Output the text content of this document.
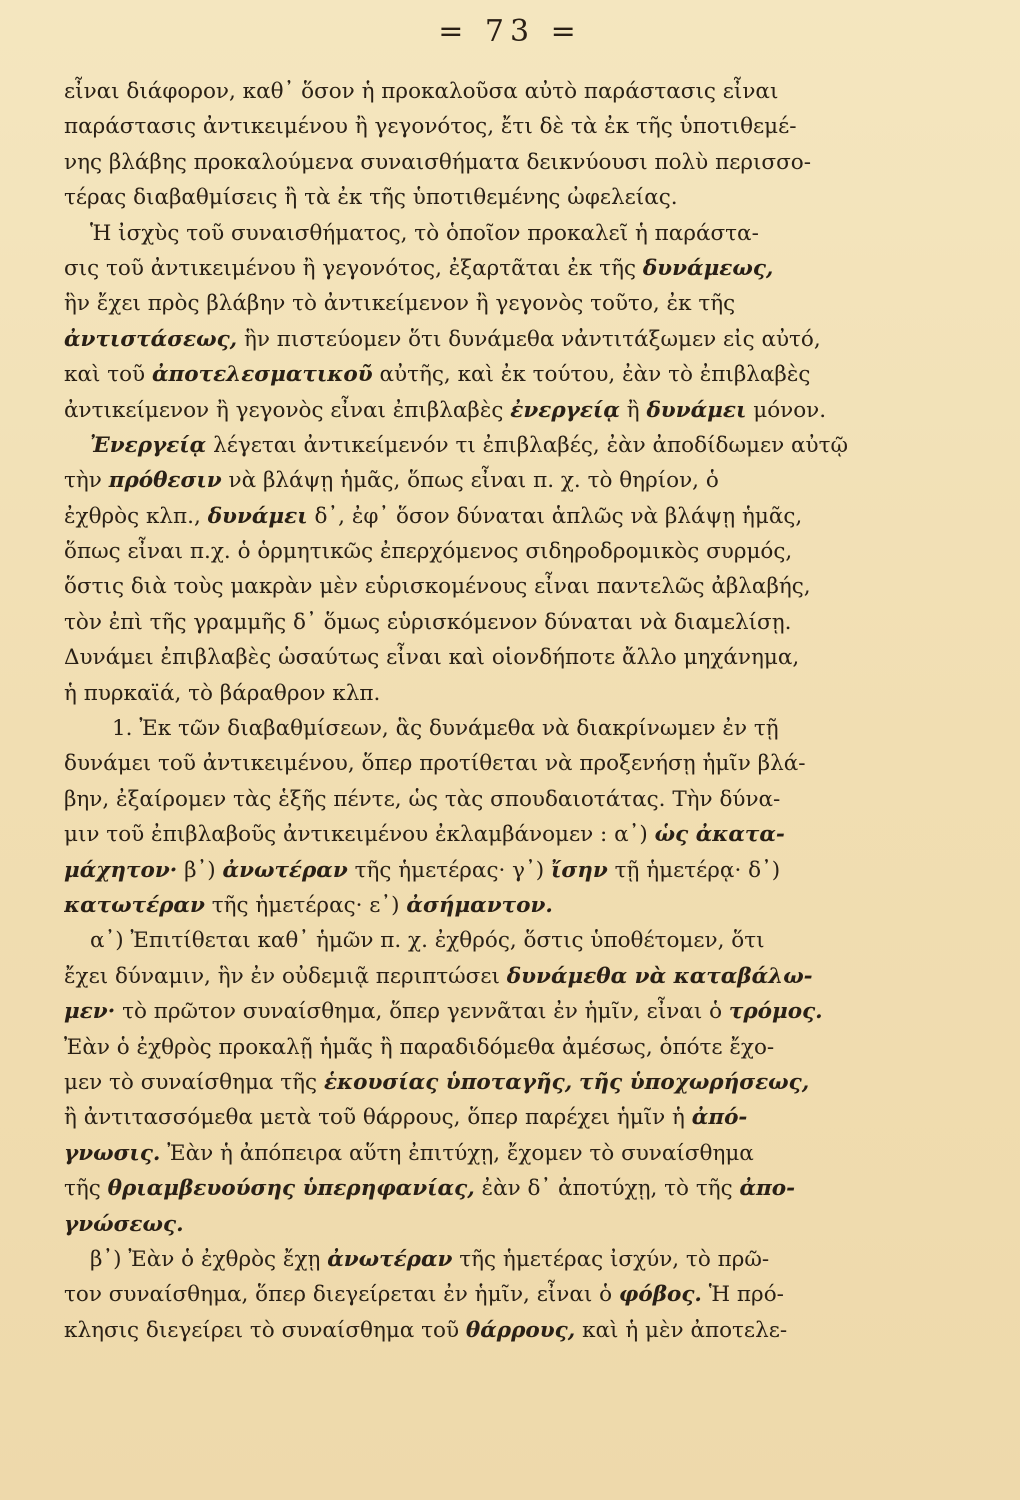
= 73 =
εἶναι διάφορον, καθ᾽ ὅσον ἡ προκαλοῦσα αὐτὸ παράστασις εἶναι
παράστασις ἀντικειμένου ἢ γεγονότος, ἔτι δὲ τὰ ἐκ τῆς ὑποτιθεμέ-
νης βλάβης προκαλούμενα συναισθήματα δεικνύουσι πολὺ περισσο-
τέρας διαβαθμίσεις ἢ τὰ ἐκ τῆς ὑποτιθεμένης ὠφελείας.
Ἡ ἰσχὺς τοῦ συναισθήματος, τὸ ὁποῖον προκαλεῖ ἡ παράστα-
σις τοῦ ἀντικειμένου ἢ γεγονότος, ἐξαρτᾶται ἐκ τῆς δυνάμεως,
ἣν ἔχει πρὸς βλάβην τὸ ἀντικείμενον ἢ γεγονὸς τοῦτο, ἐκ τῆς
ἀντιστάσεως, ἣν πιστεύομεν ὅτι δυνάμεθα νἀντιτάξωμεν εἰς αὐτό,
καὶ τοῦ ἀποτελεσματικοῦ αὐτῆς, καὶ ἐκ τούτου, ἐὰν τὸ ἐπιβλαβὲς
ἀντικείμενον ἢ γεγονὸς εἶναι ἐπιβλαβὲς ἐνεργείᾳ ἢ δυνάμει μόνον.
Ἐνεργείᾳ λέγεται ἀντικείμενόν τι ἐπιβλαβές, ἐὰν ἀποδίδωμεν αὐτῷ
τὴν πρόθεσιν νὰ βλάψῃ ἡμᾶς, ὅπως εἶναι π. χ. τὸ θηρίον, ὁ
ἐχθρὸς κλπ., δυνάμει δ᾽, ἐφ᾽ ὅσον δύναται ἁπλῶς νὰ βλάψῃ ἡμᾶς,
ὅπως εἶναι π.χ. ὁ ὁρμητικῶς ἐπερχόμενος σιδηροδρομικὸς συρμός,
ὅστις διὰ τοὺς μακρὰν μὲν εὑρισκομένους εἶναι παντελῶς ἀβλαβής,
τὸν ἐπὶ τῆς γραμμῆς δ᾽ ὅμως εὑρισκόμενον δύναται νὰ διαμελίσῃ.
Δυνάμει ἐπιβλαβὲς ὡσαύτως εἶναι καὶ οἱονδήποτε ἄλλο μηχάνημα,
ἡ πυρκαϊά, τὸ βάραθρον κλπ.
1. Ἐκ τῶν διαβαθμίσεων, ἃς δυνάμεθα νὰ διακρίνωμεν ἐν τῇ
δυνάμει τοῦ ἀντικειμένου, ὅπερ προτίθεται νὰ προξενήσῃ ἡμῖν βλά-
βην, ἐξαίρομεν τὰς ἑξῆς πέντε, ὡς τὰς σπουδαιοτάτας. Τὴν δύνα-
μιν τοῦ ἐπιβλαβοῦς ἀντικειμένου ἐκλαμβάνομεν : α᾽) ὡς ἀκατα-
μάχητον· β᾽) ἀνωτέραν τῆς ἡμετέρας· γ᾽) ἴσην τῇ ἡμετέρᾳ· δ᾽)
κατωτέραν τῆς ἡμετέρας· ε᾽) ἀσήμαντον.
α᾽) Ἐπιτίθεται καθ᾽ ἡμῶν π. χ. ἐχθρός, ὅστις ὑποθέτομεν, ὅτι
ἔχει δύναμιν, ἣν ἐν οὐδεμιᾷ περιπτώσει δυνάμεθα νὰ καταβάλω-
μεν· τὸ πρῶτον συναίσθημα, ὅπερ γεννᾶται ἐν ἡμῖν, εἶναι ὁ τρόμος.
Ἐὰν ὁ ἐχθρὸς προκαλῇ ἡμᾶς ἢ παραδιδόμεθα ἀμέσως, ὁπότε ἔχο-
μεν τὸ συναίσθημα τῆς ἑκουσίας ὑποταγῆς, τῆς ὑποχωρήσεως,
ἢ ἀντιτασσόμεθα μετὰ τοῦ θάρρους, ὅπερ παρέχει ἡμῖν ἡ ἀπό-
γνωσις. Ἐὰν ἡ ἀπόπειρα αὕτη ἐπιτύχῃ, ἔχομεν τὸ συναίσθημα
τῆς θριαμβευούσης ὑπερηφανίας, ἐὰν δ᾽ ἀποτύχῃ, τὸ τῆς ἀπο-
γνώσεως.
β᾽) Ἐὰν ὁ ἐχθρὸς ἔχῃ ἀνωτέραν τῆς ἡμετέρας ἰσχύν, τὸ πρῶ-
τον συναίσθημα, ὅπερ διεγείρεται ἐν ἡμῖν, εἶναι ὁ φόβος. Ἡ πρό-
κλησις διεγείρει τὸ συναίσθημα τοῦ θάρρους, καὶ ἡ μὲν ἀποτελε-
